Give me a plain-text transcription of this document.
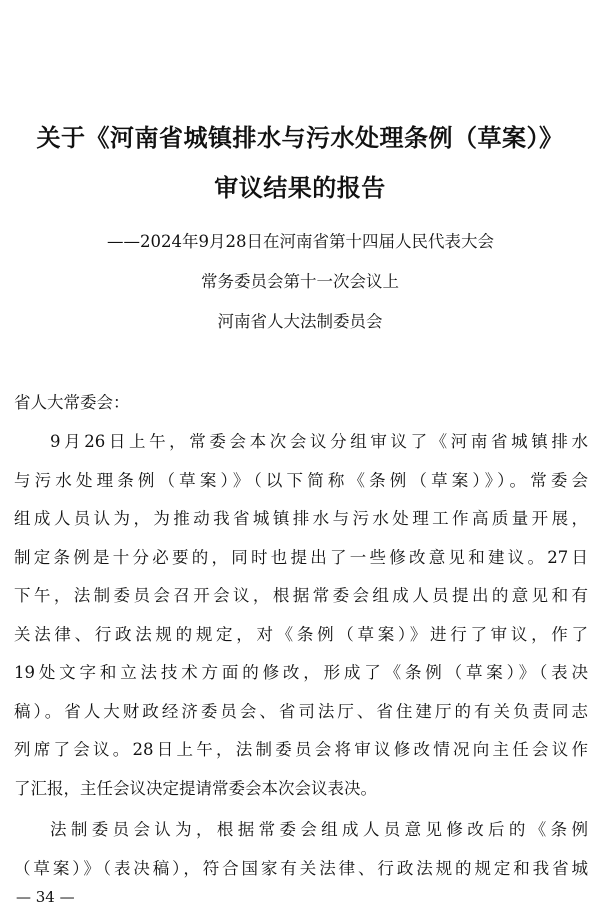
关于《河南省城镇排水与污水处理条例（草案）》
审议结果的报告
——2024年9月28日在河南省第十四届人民代表大会
常务委员会第十一次会议上
河南省人大法制委员会
省人大常委会：
9月26日上午，常委会本次会议分组审议了《河南省城镇排水
与污水处理条例（草案）》（以下简称《条例（草案）》）。常委会
组成人员认为，为推动我省城镇排水与污水处理工作高质量开展，
制定条例是十分必要的，同时也提出了一些修改意见和建议。27日
下午，法制委员会召开会议，根据常委会组成人员提出的意见和有
关法律、行政法规的规定，对《条例（草案）》进行了审议，作了
19处文字和立法技术方面的修改，形成了《条例（草案）》（表决
稿）。省人大财政经济委员会、省司法厅、省住建厅的有关负责同志
列席了会议。28日上午，法制委员会将审议修改情况向主任会议作
了汇报，主任会议决定提请常委会本次会议表决。
法制委员会认为，根据常委会组成人员意见修改后的《条例
（草案）》（表决稿），符合国家有关法律、行政法规的规定和我省城
— 34 —
